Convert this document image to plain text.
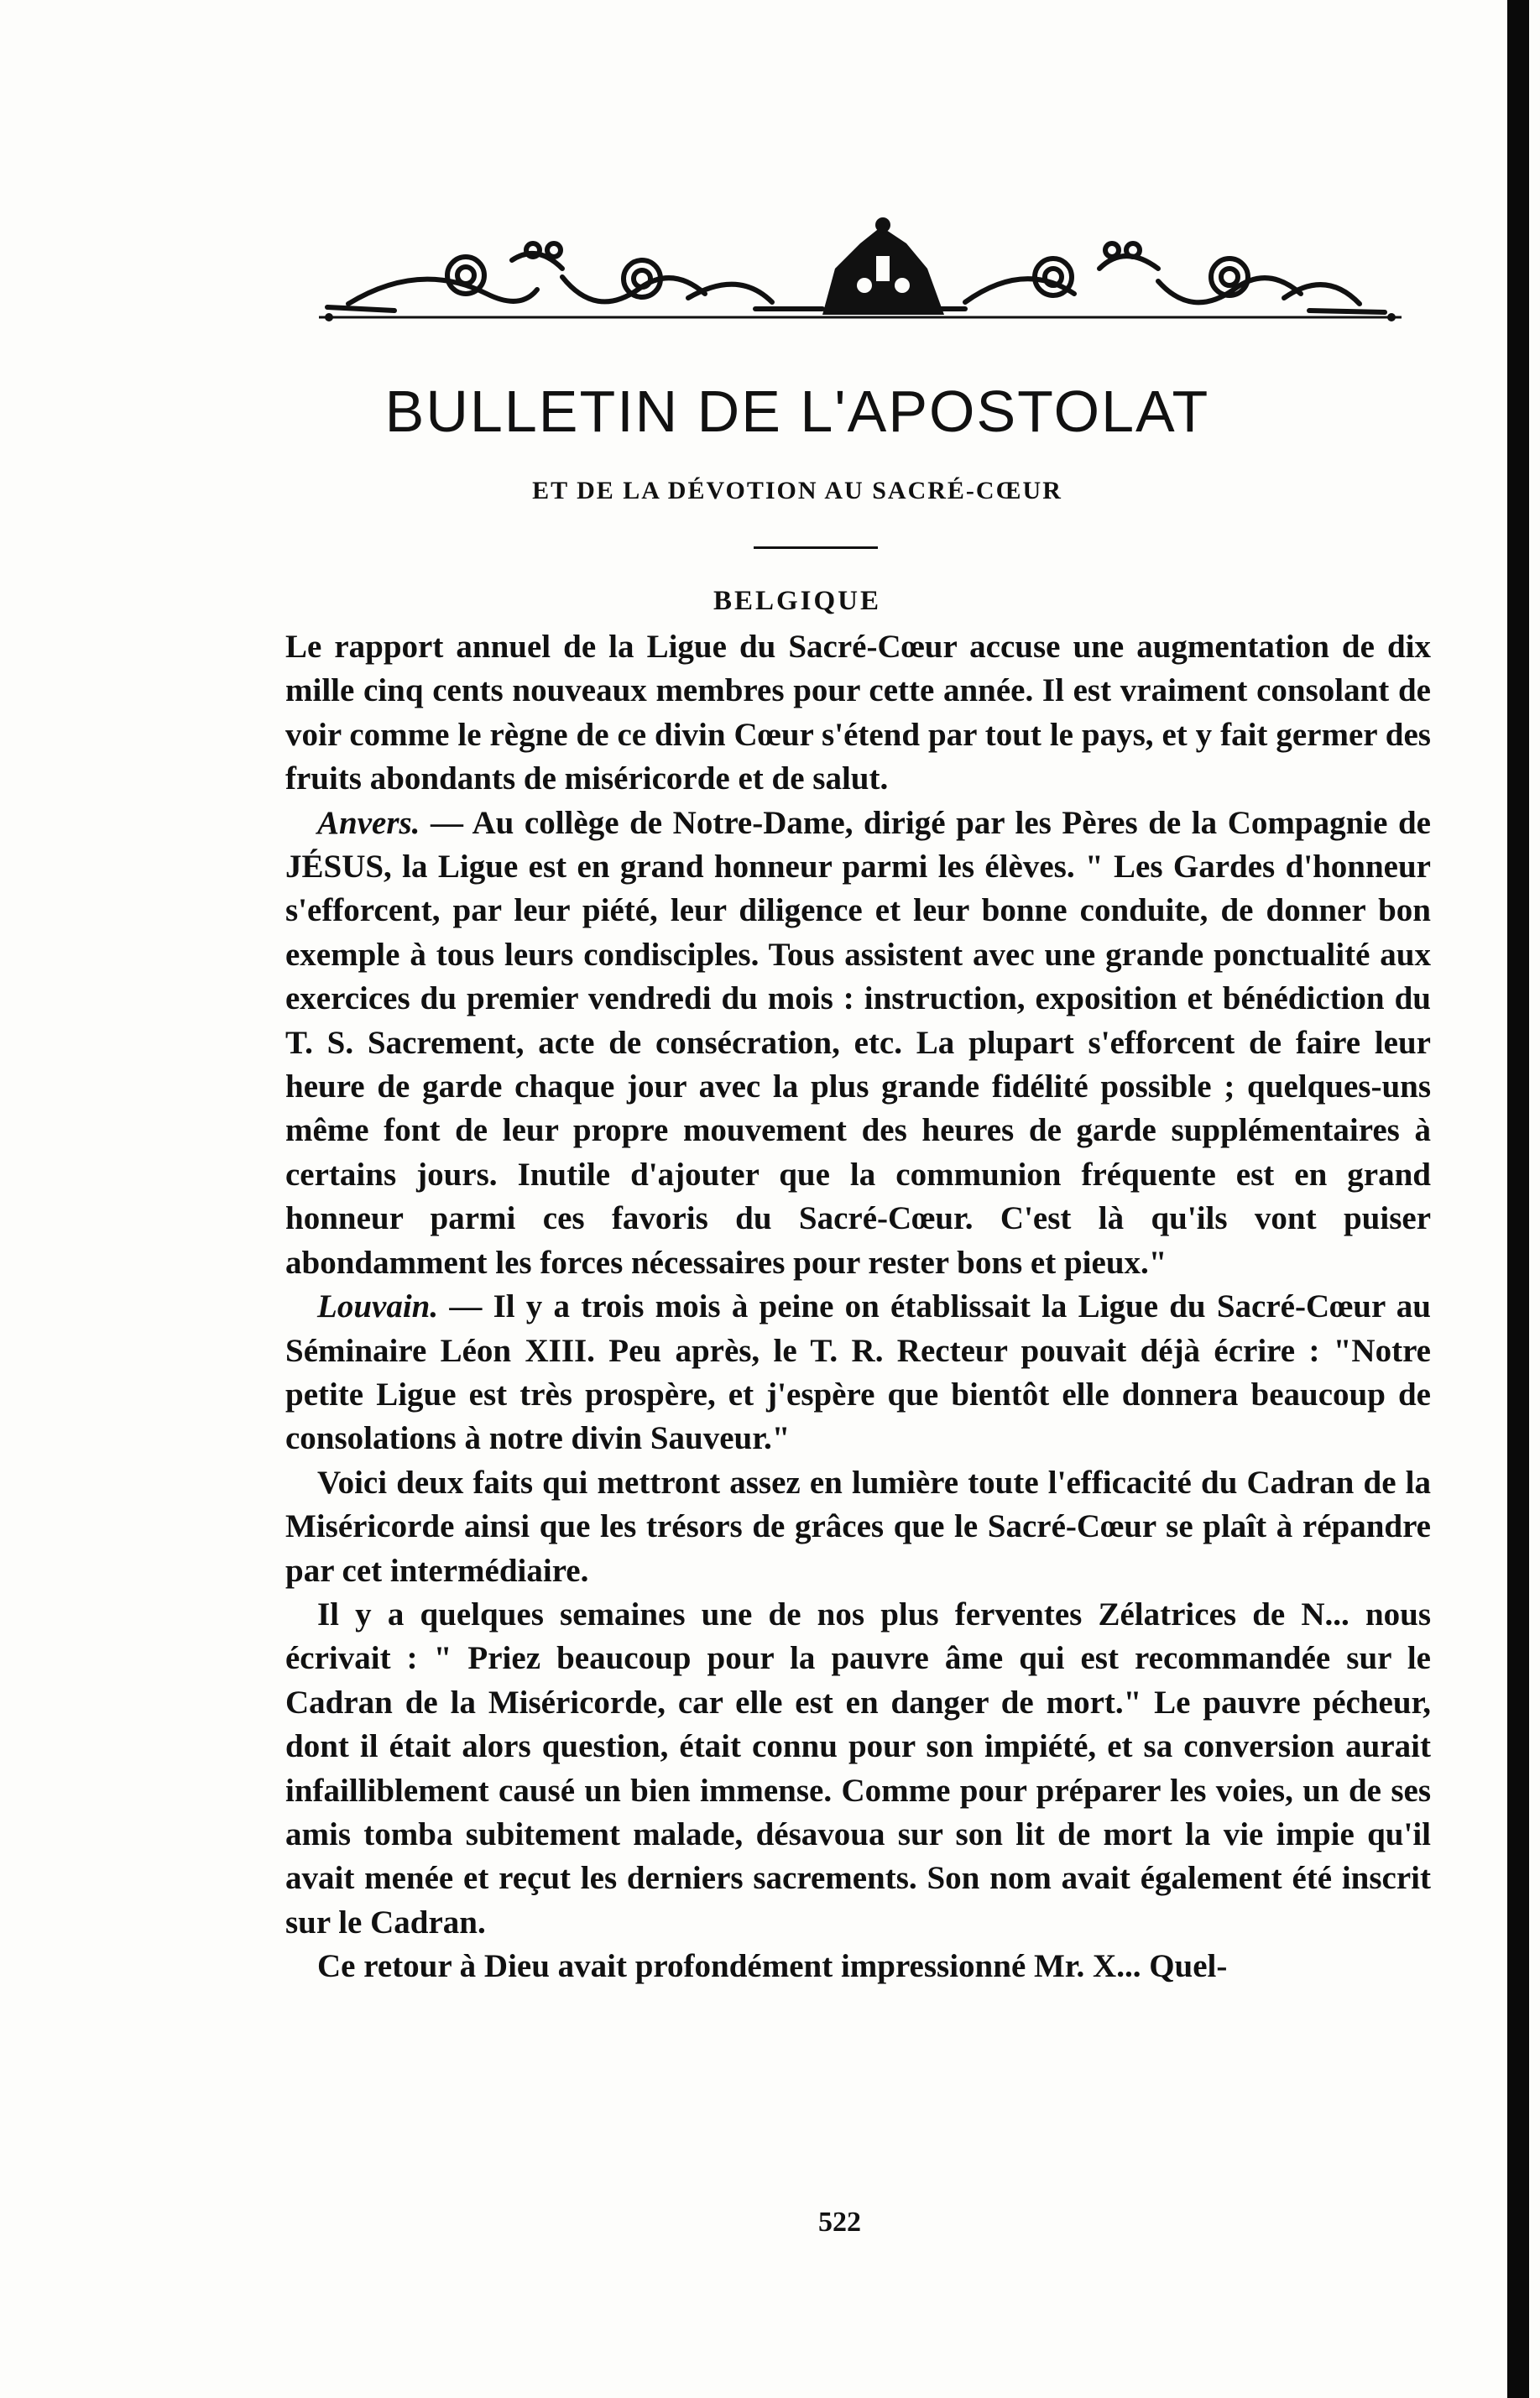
BULLETIN DE L'APOSTOLAT
ET DE LA DÉVOTION AU SACRÉ-CŒUR
BELGIQUE

Le rapport annuel de la Ligue du Sacré-Cœur accuse une augmentation de dix mille cinq cents nouveaux membres pour cette année. Il est vraiment consolant de voir comme le règne de ce divin Cœur s'étend par tout le pays, et y fait germer des fruits abondants de miséricorde et de salut.

Anvers. — Au collège de Notre-Dame, dirigé par les Pères de la Compagnie de JÉSUS, la Ligue est en grand honneur parmi les élèves. " Les Gardes d'honneur s'efforcent, par leur piété, leur diligence et leur bonne conduite, de donner bon exemple à tous leurs condisciples. Tous assistent avec une grande ponctualité aux exercices du premier vendredi du mois : instruction, exposition et bénédiction du T. S. Sacrement, acte de consécration, etc. La plupart s'efforcent de faire leur heure de garde chaque jour avec la plus grande fidélité possible ; quelques-uns même font de leur propre mouvement des heures de garde supplémentaires à certains jours. Inutile d'ajouter que la communion fréquente est en grand honneur parmi ces favoris du Sacré-Cœur. C'est là qu'ils vont puiser abondamment les forces nécessaires pour rester bons et pieux."

Louvain. — Il y a trois mois à peine on établissait la Ligue du Sacré-Cœur au Séminaire Léon XIII. Peu après, le T. R. Recteur pouvait déjà écrire : "Notre petite Ligue est très prospère, et j'espère que bientôt elle donnera beaucoup de consolations à notre divin Sauveur."

Voici deux faits qui mettront assez en lumière toute l'efficacité du Cadran de la Miséricorde ainsi que les trésors de grâces que le Sacré-Cœur se plaît à répandre par cet intermédiaire.

Il y a quelques semaines une de nos plus ferventes Zélatrices de N... nous écrivait : " Priez beaucoup pour la pauvre âme qui est recommandée sur le Cadran de la Miséricorde, car elle est en danger de mort." Le pauvre pécheur, dont il était alors question, était connu pour son impiété, et sa conversion aurait infailliblement causé un bien immense. Comme pour préparer les voies, un de ses amis tomba subitement malade, désavoua sur son lit de mort la vie impie qu'il avait menée et reçut les derniers sacrements. Son nom avait également été inscrit sur le Cadran.

Ce retour à Dieu avait profondément impressionné Mr. X... Quel-

522
